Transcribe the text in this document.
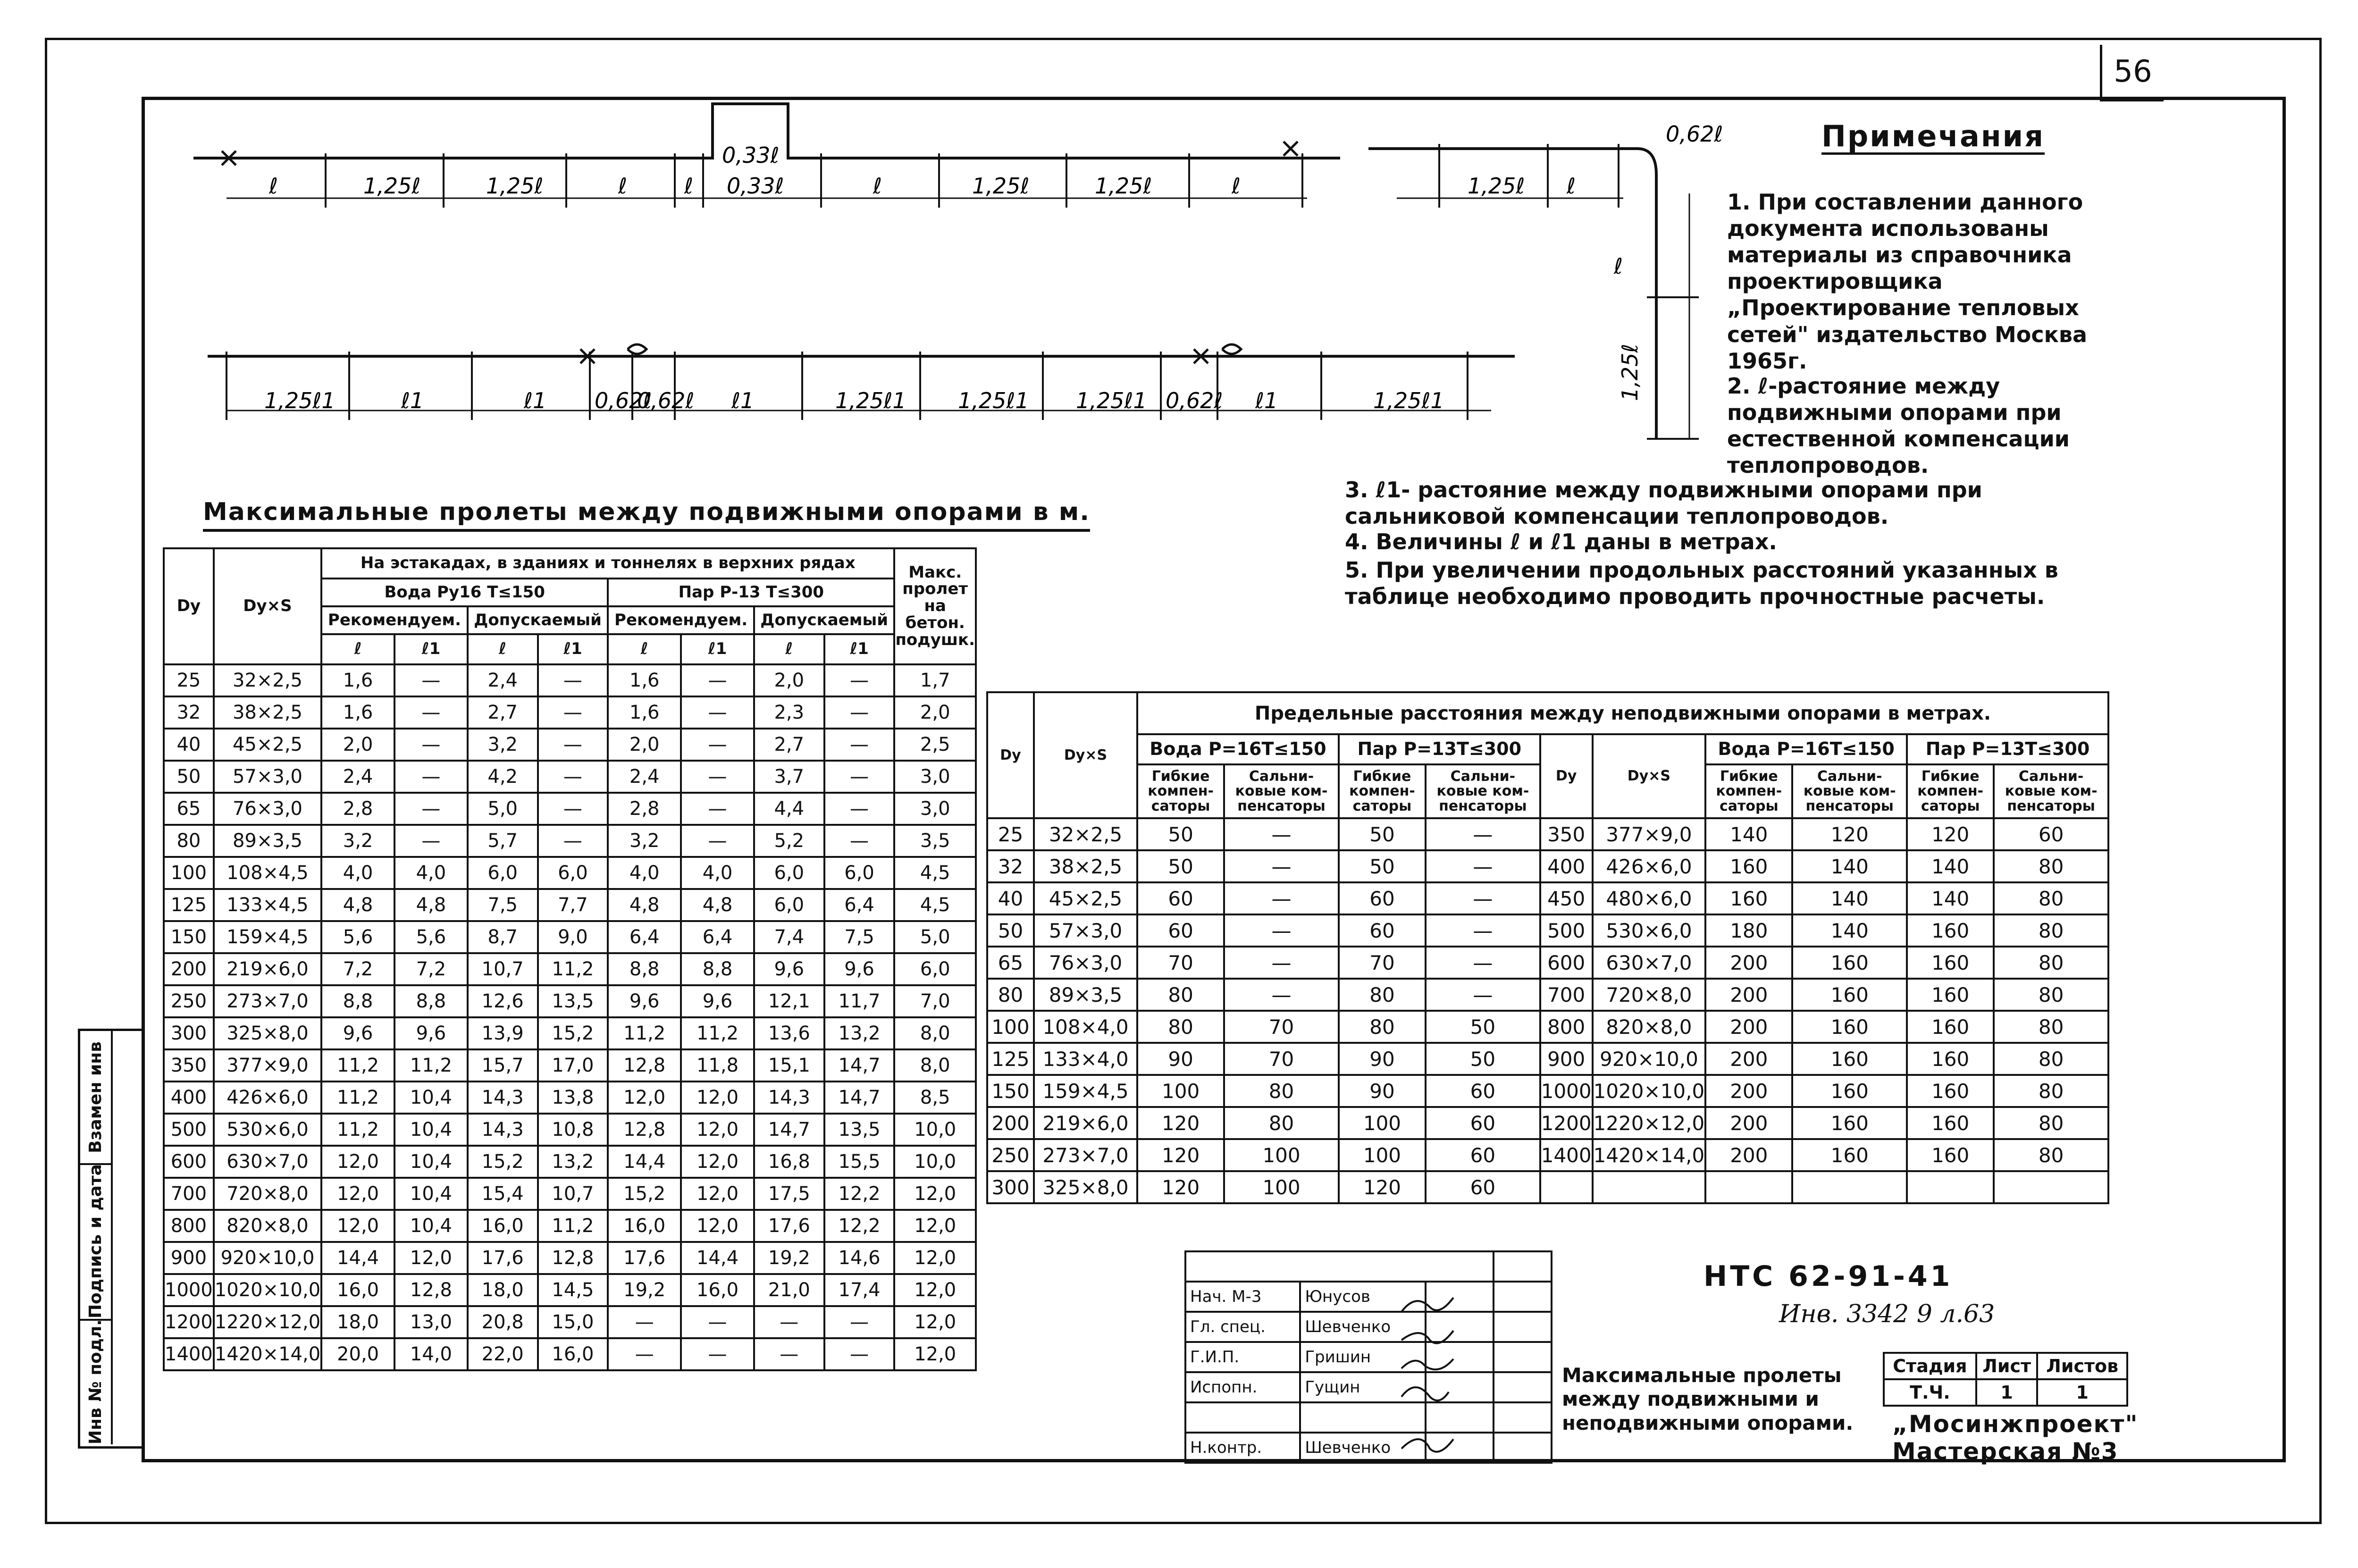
56
ℓ	1,25ℓ	1,25ℓ	ℓ	ℓ
0,33ℓ
0,33ℓ	ℓ	1,25ℓ	1,25ℓ	ℓ	1,25ℓ ℓ
0,62ℓ
ℓ
1,25ℓ
1,25ℓ1	ℓ1	ℓ1 0,62ℓ
0,62ℓ ℓ1	1,25ℓ1 1,25ℓ1 1,25ℓ1 0,62ℓ ℓ1	1,25ℓ1
Максимальные пролеты между подвижными опорами в м.
Dy	Dy×S	На эстакадах, в зданиях и тоннелях в верхних рядах								Макс. пролет на бетон. подушк.
		Вода Ру16 Т≤150				Пар Р-13 Т≤300				
		Рекомендуем.		Допускаемый		Рекомендуем.		Допускаемый		
		ℓ	ℓ1	ℓ	ℓ1	ℓ	ℓ1	ℓ	ℓ1	
25	32×2,5	1,6	—	2,4	—	1,6	—	2,0	—	1,7
32	38×2,5	1,6	—	2,7	—	1,6	—	2,3	—	2,0
40	45×2,5	2,0	—	3,2	—	2,0	—	2,7	—	2,5
50	57×3,0	2,4	—	4,2	—	2,4	—	3,7	—	3,0
65	76×3,0	2,8	—	5,0	—	2,8	—	4,4	—	3,0
80	89×3,5	3,2	—	5,7	—	3,2	—	5,2	—	3,5
100	108×4,5	4,0	4,0	6,0	6,0	4,0	4,0	6,0	6,0	4,5
125	133×4,5	4,8	4,8	7,5	7,7	4,8	4,8	6,0	6,4	4,5
150	159×4,5	5,6	5,6	8,7	9,0	6,4	6,4	7,4	7,5	5,0
200	219×6,0	7,2	7,2	10,7	11,2	8,8	8,8	9,6	9,6	6,0
250	273×7,0	8,8	8,8	12,6	13,5	9,6	9,6	12,1	11,7	7,0
300	325×8,0	9,6	9,6	13,9	15,2	11,2	11,2	13,6	13,2	8,0
350	377×9,0	11,2	11,2	15,7	17,0	12,8	11,8	15,1	14,7	8,0
400	426×6,0	11,2	10,4	14,3	13,8	12,0	12,0	14,3	14,7	8,5
500	530×6,0	11,2	10,4	14,3	10,8	12,8	12,0	14,7	13,5	10,0
600	630×7,0	12,0	10,4	15,2	13,2	14,4	12,0	16,8	15,5	10,0
700	720×8,0	12,0	10,4	15,4	10,7	15,2	12,0	17,5	12,2	12,0
800	820×8,0	12,0	10,4	16,0	11,2	16,0	12,0	17,6	12,2	12,0
900	920×10,0	14,4	12,0	17,6	12,8	17,6	14,4	19,2	14,6	12,0
1000	1020×10,0	16,0	12,8	18,0	14,5	19,2	16,0	21,0	17,4	12,0
1200	1220×12,0	18,0	13,0	20,8	15,0	—	—	—	—	12,0
1400	1420×14,0	20,0	14,0	22,0	16,0	—	—	—	—	12,0
Dy	Dy×S	Предельные расстояния между неподвижными опорами в метрах.									
		Вода Р=16Т≤150		Пар Р=13Т≤300		Dy	Dy×S	Вода Р=16Т≤150		Пар Р=13Т≤300	
		Гибкие компен-саторы	Сальни-ковые ком-пенсаторы	Гибкие компен-саторы	Сальни-ковые ком-пенсаторы			Гибкие компен-саторы	Сальни-ковые ком-пенсаторы	Гибкие компен-саторы	Сальни-ковые ком-пенсаторы
25	32×2,5	50	—	50	—	350	377×9,0	140	120	120	60
32	38×2,5	50	—	50	—	400	426×6,0	160	140	140	80
40	45×2,5	60	—	60	—	450	480×6,0	160	140	140	80
50	57×3,0	60	—	60	—	500	530×6,0	180	140	160	80
65	76×3,0	70	—	70	—	600	630×7,0	200	160	160	80
80	89×3,5	80	—	80	—	700	720×8,0	200	160	160	80
100	108×4,0	80	70	80	50	800	820×8,0	200	160	160	80
125	133×4,0	90	70	90	50	900	920×10,0	200	160	160	80
150	159×4,5	100	80	90	60	1000	1020×10,0	200	160	160	80
200	219×6,0	120	80	100	60	1200	1220×12,0	200	160	160	80
250	273×7,0	120	100	100	60	1400	1420×14,0	200	160	160	80
300	325×8,0	120	100	120	60						
Примечания
1. При составлении данного документа использованы материалы из справочника проектировщика „Проектирование тепловых сетей" издательство Москва 1965г.
2. ℓ-растояние между подвижными опорами при естественной компенсации теплопроводов.
3. ℓ1- растояние между подвижными опорами при сальниковой компенсации теплопроводов.
4. Величины ℓ и ℓ1 даны в метрах.
5. При увеличении продольных расстояний указанных в таблице необходимо проводить прочностные расчеты.
Взамен инв
Подпись и дата
Инв № подл.

Нач. М-3	Юнусов		
Гл. спец.	Шевченко		
Г.И.П.	Гришин		
Испопн.	Гущин		

Н.контр.	Шевченко		
НТС 62-91-41
Инв. 3342 9 л.63
Максимальные пролеты между подвижными и неподвижными опорами.
Стадия	Лист	Листов
Т.Ч.	1	1
„Мосинжпроект"
Мастерская №3
